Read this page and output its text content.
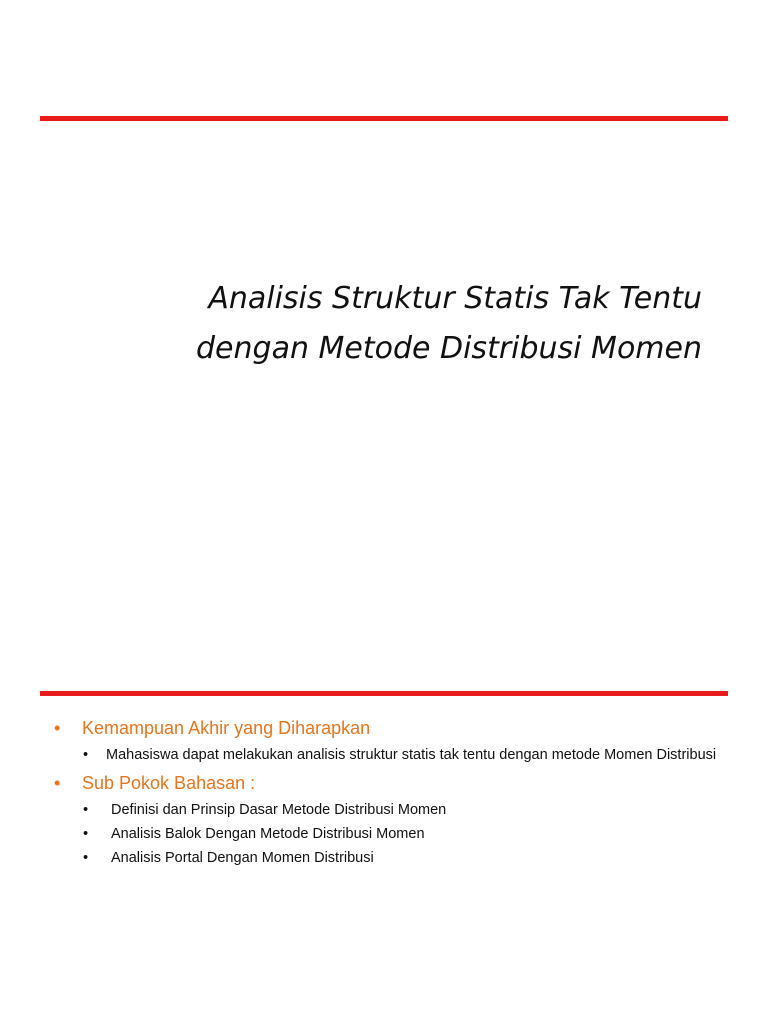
Analisis Struktur Statis Tak Tentu
dengan Metode Distribusi Momen
• Kemampuan Akhir yang Diharapkan
• Mahasiswa dapat melakukan analisis struktur statis tak tentu dengan metode Momen Distribusi
• Sub Pokok Bahasan :
• Definisi dan Prinsip Dasar Metode Distribusi Momen
• Analisis Balok Dengan Metode Distribusi Momen
• Analisis Portal Dengan Momen Distribusi
